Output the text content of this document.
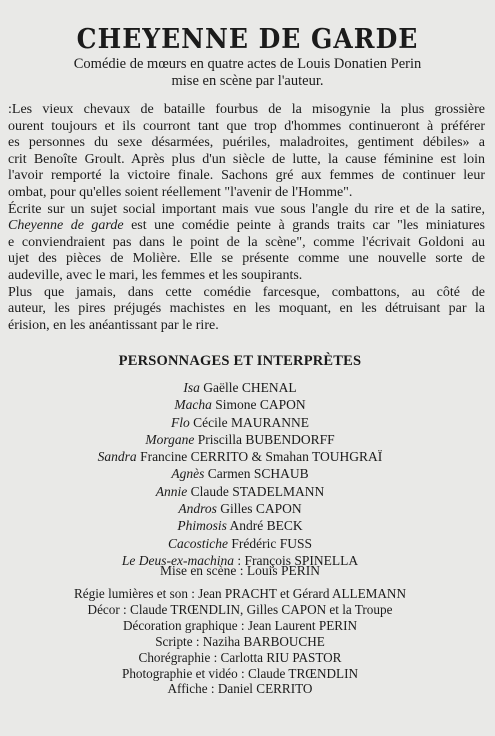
CHEYENNE DE GARDE
Comédie de mœurs en quatre actes de Louis Donatien Perin
mise en scène par l'auteur.

:Les vieux chevaux de bataille fourbus de la misogynie la plus grossière

ourent toujours et ils courront tant que trop d'hommes continueront à préférer

es personnes du sexe désarmées, puériles, maladroites, gentiment débiles» a

crit Benoîte Groult. Après plus d'un siècle de lutte, la cause féminine est loin

l'avoir remporté la victoire finale. Sachons gré aux femmes de continuer leur

ombat, pour qu'elles soient réellement "l'avenir de l'Homme".

Écrite sur un sujet social important mais vue sous l'angle du rire et de la satire,

Cheyenne de garde est une comédie peinte à grands traits car "les miniatures

e conviendraient pas dans le point de la scène", comme l'écrivait Goldoni au

ujet des pièces de Molière. Elle se présente comme une nouvelle sorte de

audeville, avec le mari, les femmes et les soupirants.

Plus que jamais, dans cette comédie farcesque, combattons, au côté de

auteur, les pires préjugés machistes en les moquant, en les détruisant par la

érision, en les anéantissant par le rire.

PERSONNAGES ET INTERPRÈTES
Isa Gaëlle CHENAL
Macha Simone CAPON
Flo Cécile MAURANNE
Morgane Priscilla BUBENDORFF
Sandra Francine CERRITO & Smahan TOUHGRAÏ
Agnès Carmen SCHAUB
Annie Claude STADELMANN
Andros Gilles CAPON
Phimosis André BECK
Cacostiche Frédéric FUSS
Le Deus-ex-machina : François SPINELLA
Mise en scène : Louis PERIN
Régie lumières et son : Jean PRACHT et Gérard ALLEMANN
Décor : Claude TRŒNDLIN, Gilles CAPON et la Troupe
Décoration graphique : Jean Laurent PERIN
Scripte : Naziha BARBOUCHE
Chorégraphie : Carlotta RIU PASTOR
Photographie et vidéo : Claude TRŒNDLIN
Affiche : Daniel CERRITO
